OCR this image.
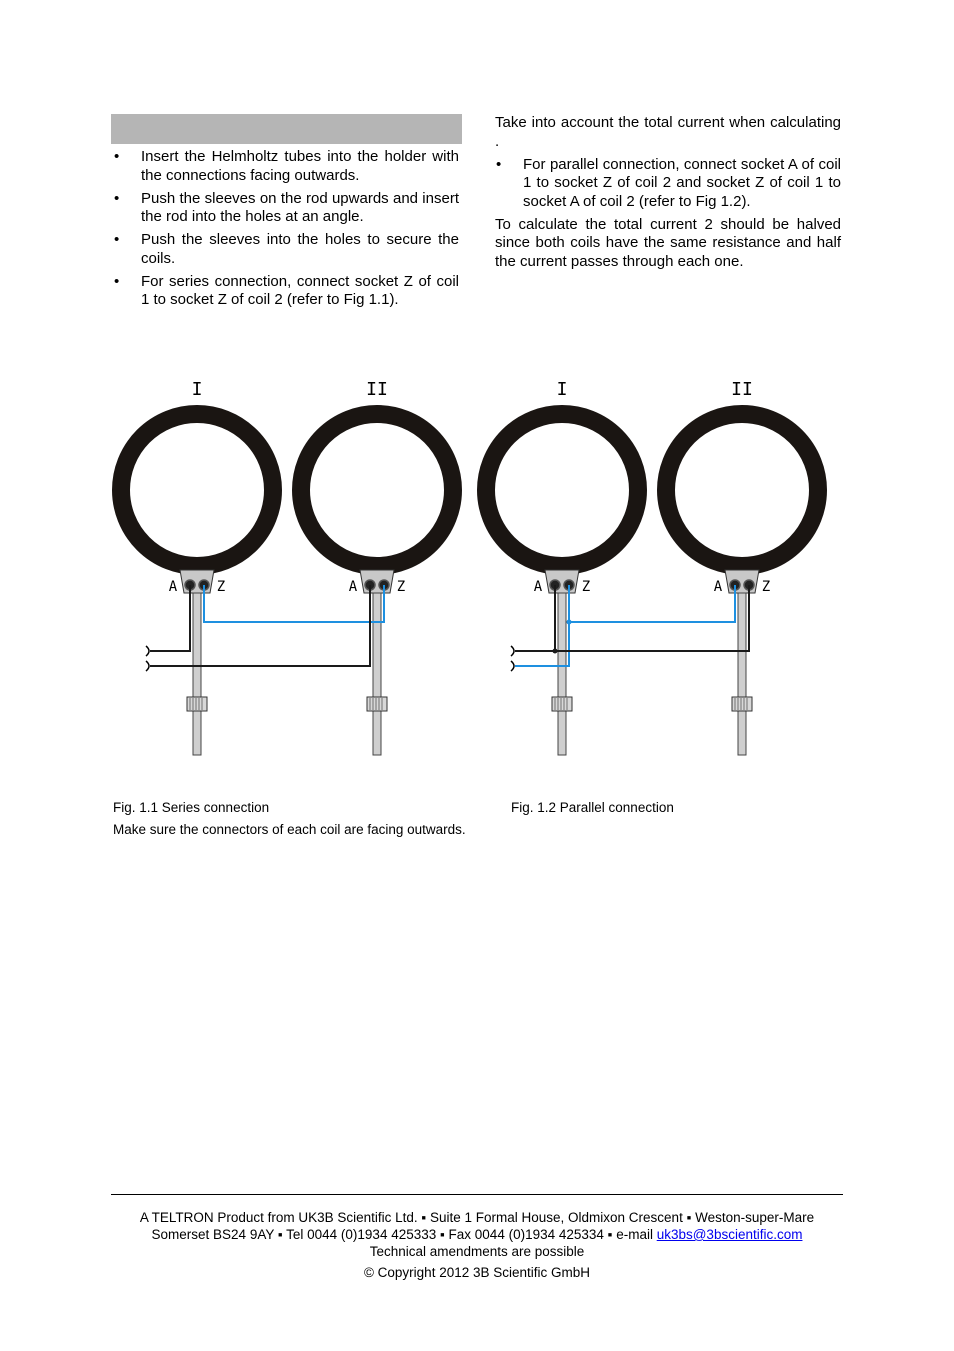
• Insert the Helmholtz tubes into the holder with the connections facing outwards.
• Push the sleeves on the rod upwards and insert the rod into the holes at an angle.
• Push the sleeves into the holes to secure the coils.
• For series connection, connect socket Z of coil 1 to socket Z of coil 2 (refer to Fig 1.1).

Take into account the total current when calculating .

• For parallel connection, connect socket A of coil 1 to socket Z of coil 2 and socket Z of coil 1 to socket A of coil 2 (refer to Fig 1.2).

To calculate the total current 2 should be halved since both coils have the same resistance and half the current passes through each one.

I
A	Z
II
A	Z
I
A	Z
II
A	Z
Fig. 1.1 Series connection	Fig. 1.2 Parallel connection
Make sure the connectors of each coil are facing outwards.
A TELTRON Product from UK3B Scientific Ltd. ▪ Suite 1 Formal House, Oldmixon Crescent ▪ Weston-super-Mare
Somerset BS24 9AY ▪ Tel 0044 (0)1934 425333 ▪ Fax 0044 (0)1934 425334 ▪ e-mail uk3bs@3bscientific.com
Technical amendments are possible
© Copyright 2012 3B Scientific GmbH
